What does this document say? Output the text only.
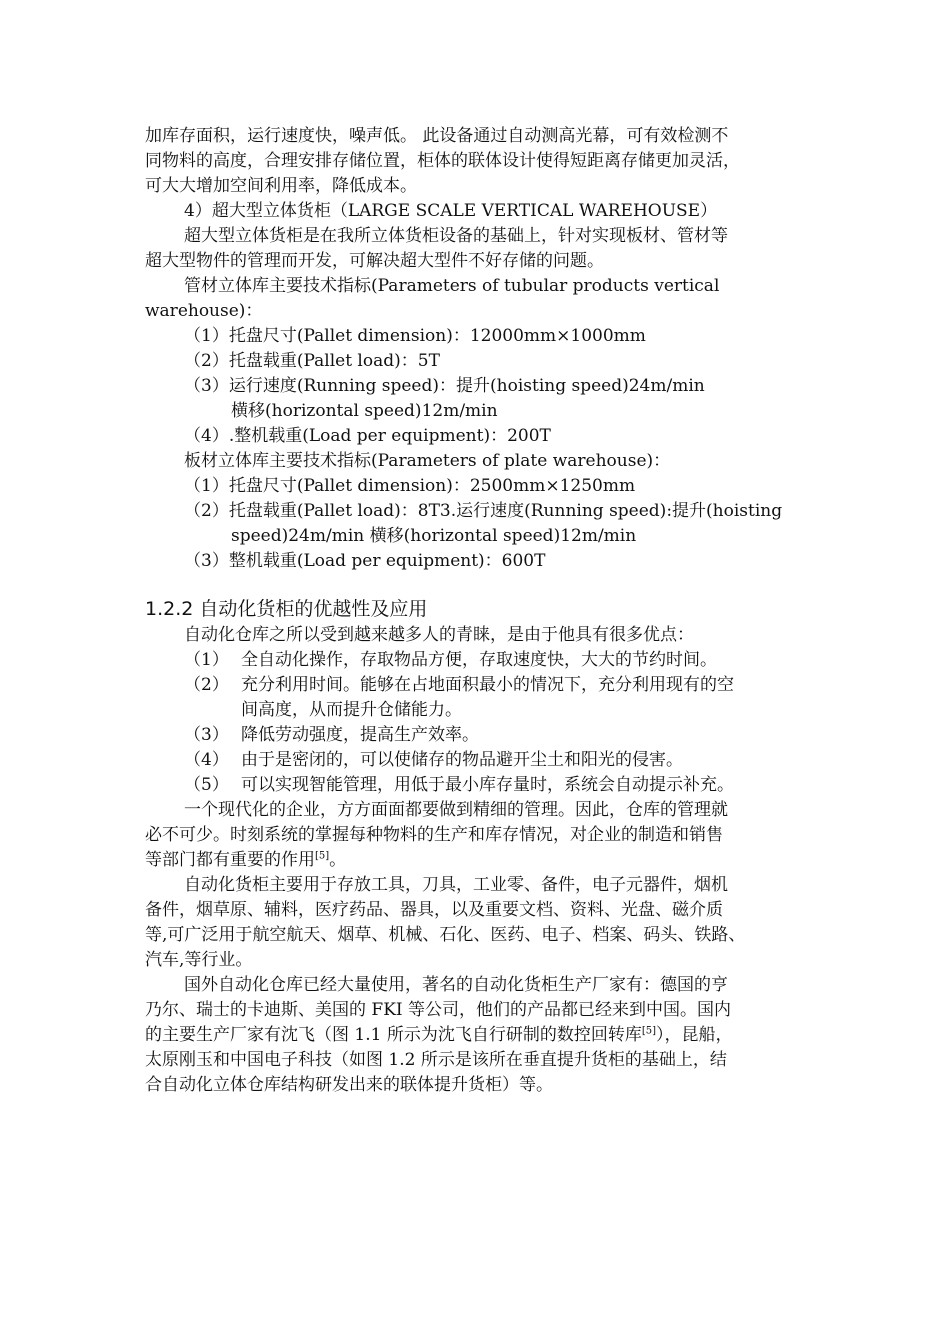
加库存面积，运行速度快，噪声低。 此设备通过自动测高光幕，可有效检测不
同物料的高度，合理安排存储位置，柜体的联体设计使得短距离存储更加灵活，
可大大增加空间利用率，降低成本。
4）超大型立体货柜（LARGE SCALE VERTICAL WAREHOUSE）
超大型立体货柜是在我所立体货柜设备的基础上，针对实现板材、管材等
超大型物件的管理而开发，可解决超大型件不好存储的问题。
管材立体库主要技术指标(Parameters of tubular products vertical
warehouse)：
（1）托盘尺寸(Pallet dimension)：12000mm×1000mm
（2）托盘载重(Pallet load)：5T
（3）运行速度(Running speed)：提升(hoisting speed)24m/min
横移(horizontal speed)12m/min
（4）.整机载重(Load per equipment)：200T
板材立体库主要技术指标(Parameters of plate warehouse)：
（1）托盘尺寸(Pallet dimension)：2500mm×1250mm
（2）托盘载重(Pallet load)：8T3.运行速度(Running speed):提升(hoisting
speed)24m/min 横移(horizontal speed)12m/min
（3）整机载重(Load per equipment)：600T
1.2.2 自动化货柜的优越性及应用
自动化仓库之所以受到越来越多人的青睐，是由于他具有很多优点：
（1） 全自动化操作，存取物品方便，存取速度快，大大的节约时间。
（2） 充分利用时间。能够在占地面积最小的情况下，充分利用现有的空
间高度，从而提升仓储能力。
（3） 降低劳动强度，提高生产效率。
（4） 由于是密闭的，可以使储存的物品避开尘土和阳光的侵害。
（5） 可以实现智能管理，用低于最小库存量时，系统会自动提示补充。
一个现代化的企业，方方面面都要做到精细的管理。因此，仓库的管理就
必不可少。时刻系统的掌握每种物料的生产和库存情况，对企业的制造和销售
等部门都有重要的作用[5]。
自动化货柜主要用于存放工具，刀具，工业零、备件，电子元器件，烟机
备件，烟草原、辅料，医疗药品、器具，以及重要文档、资料、光盘、磁介质
等,可广泛用于航空航天、烟草、机械、石化、医药、电子、档案、码头、铁路、
汽车,等行业。
国外自动化仓库已经大量使用，著名的自动化货柜生产厂家有：德国的亨
乃尔、瑞士的卡迪斯、美国的 FKI 等公司，他们的产品都已经来到中国。国内
的主要生产厂家有沈飞（图 1.1 所示为沈飞自行研制的数控回转库[5]），昆船，
太原刚玉和中国电子科技（如图 1.2 所示是该所在垂直提升货柜的基础上，结
合自动化立体仓库结构研发出来的联体提升货柜）等。
